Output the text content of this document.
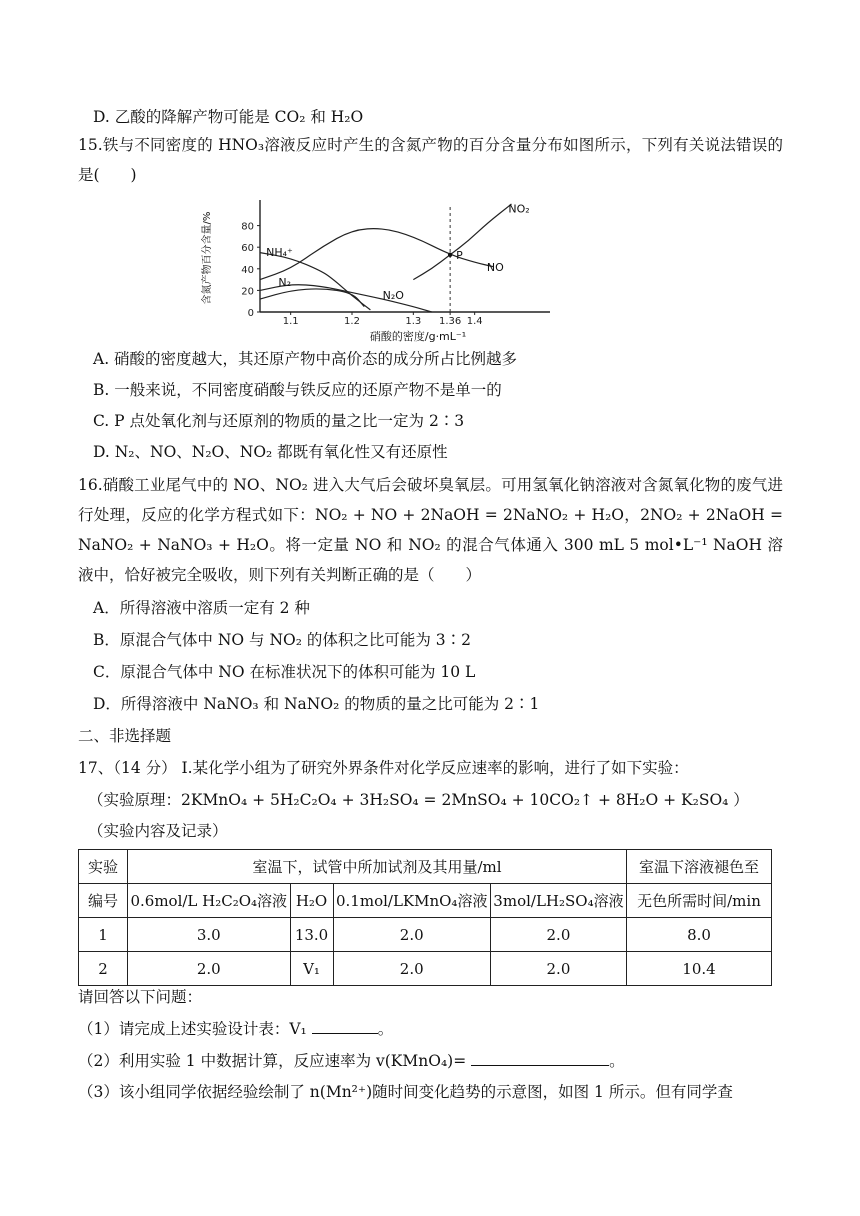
D. 乙酸的降解产物可能是 CO₂ 和 H₂O
15.铁与不同密度的 HNO₃溶液反应时产生的含氮产物的百分含量分布如图所示，下列有关说法错误的是(　　)
0
20
40
60
80
1.1	1.2	1.3 1.36 1.4
NO₂
NO
NH₄⁺
N₂
N₂O
P
硝酸的密度/g·mL⁻¹
含氮产物百分含量/%
A. 硝酸的密度越大，其还原产物中高价态的成分所占比例越多
B. 一般来说，不同密度硝酸与铁反应的还原产物不是单一的
C. P 点处氧化剂与还原剂的物质的量之比一定为 2∶3
D. N₂、NO、N₂O、NO₂ 都既有氧化性又有还原性
16.硝酸工业尾气中的 NO、NO₂ 进入大气后会破坏臭氧层。可用氢氧化钠溶液对含氮氧化物的废气进行处理，反应的化学方程式如下：NO₂ + NO + 2NaOH = 2NaNO₂ + H₂O，2NO₂ + 2NaOH = NaNO₂ + NaNO₃ + H₂O。将一定量 NO 和 NO₂ 的混合气体通入 300 mL 5 mol•L⁻¹ NaOH 溶液中，恰好被完全吸收，则下列有关判断正确的是（　　）
A．所得溶液中溶质一定有 2 种
B．原混合气体中 NO 与 NO₂ 的体积之比可能为 3∶2
C．原混合气体中 NO 在标准状况下的体积可能为 10 L
D．所得溶液中 NaNO₃ 和 NaNO₂ 的物质的量之比可能为 2∶1
二、非选择题
17、（14 分） I.某化学小组为了研究外界条件对化学反应速率的影响，进行了如下实验：
（实验原理：2KMnO₄ + 5H₂C₂O₄ + 3H₂SO₄ = 2MnSO₄ + 10CO₂↑ + 8H₂O + K₂SO₄ ）
（实验内容及记录）
实验	室温下，试管中所加试剂及其用量/ml				室温下溶液褪色至
编号	0.6mol/L H₂C₂O₄溶液	H₂O	0.1mol/LKMnO₄溶液	3mol/LH₂SO₄溶液	无色所需时间/min
1	3.0	13.0	2.0	2.0	8.0
2	2.0	V₁	2.0	2.0	10.4
请回答以下问题：
（1）请完成上述实验设计表：V₁	。
（2）利用实验 1 中数据计算，反应速率为 v(KMnO₄)=	。
（3）该小组同学依据经验绘制了 n(Mn²⁺)随时间变化趋势的示意图，如图 1 所示。但有同学查
